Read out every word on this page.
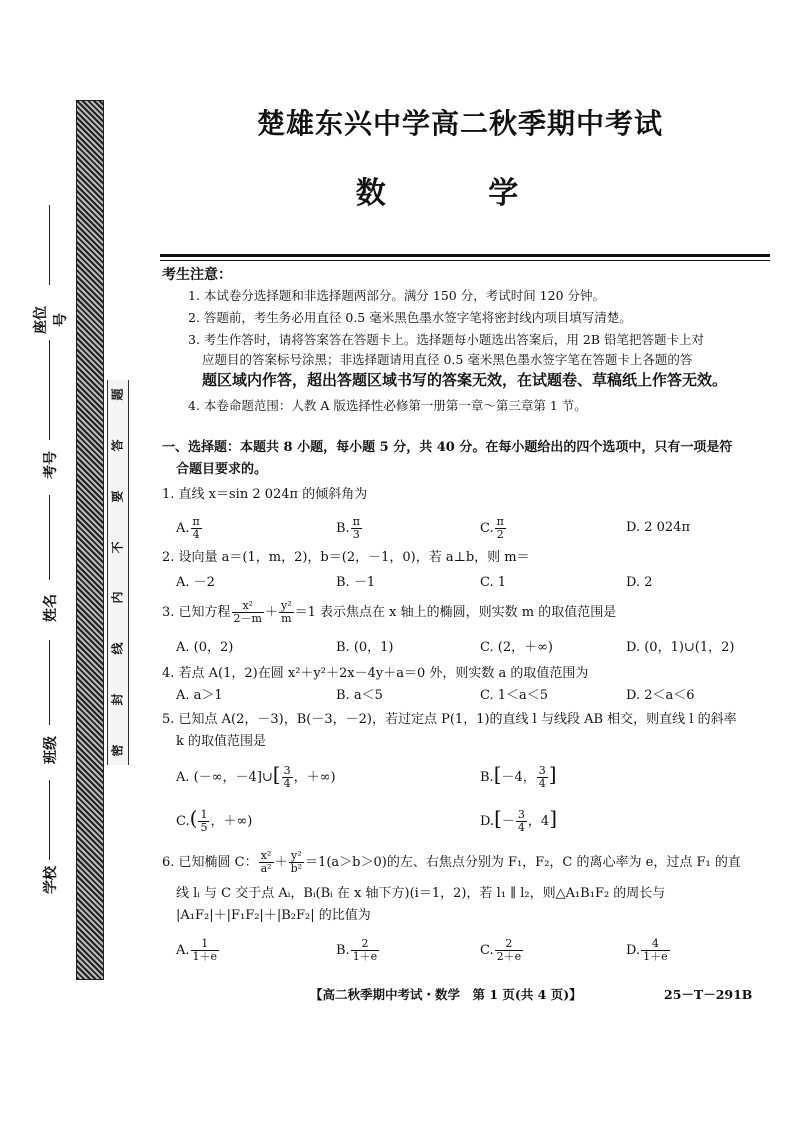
题
答
要
不
内
线
封
密
座位号
考号
姓名
班级
学校
楚雄东兴中学高二秋季期中考试
数 学
考生注意：
1. 本试卷分选择题和非选择题两部分。满分 150 分，考试时间 120 分钟。
2. 答题前，考生务必用直径 0.5 毫米黑色墨水签字笔将密封线内项目填写清楚。
3. 考生作答时，请将答案答在答题卡上。选择题每小题选出答案后，用 2B 铅笔把答题卡上对
应题目的答案标号涂黑；非选择题请用直径 0.5 毫米黑色墨水签字笔在答题卡上各题的答
题区域内作答，超出答题区域书写的答案无效，在试题卷、草稿纸上作答无效。
4. 本卷命题范围：人教 A 版选择性必修第一册第一章～第三章第 1 节。
一、选择题：本题共 8 小题，每小题 5 分，共 40 分。在每小题给出的四个选项中，只有一项是符
合题目要求的。
1. 直线 x＝sin 2 024π 的倾斜角为
A. $\frac{\pi}{4}$	B. $\frac{\pi}{3}$	C. $\frac{\pi}{2}$	D. 2 024π
2. 设向量 a＝(1，m，2)，b＝(2，－1，0)，若 a⊥b，则 m＝
A. －2	B. －1	C. 1	D. 2
3. 已知方程 $\frac{\text{x²}}{2-m} + \frac{\text{y²}}{m} =1$ 表示焦点在 x 轴上的椭圆，则实数 m 的取值范围是
A. (0，2)	B. (0，1)	C. (2，＋∞)	D. (0，1)∪(1，2)
4. 若点 A(1，2)在圆 x²＋y²＋2x－4y＋a＝0 外，则实数 a 的取值范围为
A. a＞1	B. a＜5	C. 1＜a＜5	D. 2＜a＜6
5. 已知点 A(2，－3)，B(－3，－2)，若过定点 P(1，1)的直线 l 与线段 AB 相交，则直线 l 的斜率
k 的取值范围是
A. (－∞，－4]∪[ $\frac{3}{4}$ ，＋∞)	B.[－4， $\frac{3}{4}$ ]
$C.( \frac{1}{5}$ ，＋∞)	$D.[- \frac{3}{4}$ ，4]
6. 已知椭圆 C： $\frac{\text{x²}}{\text{a²}} + \frac{\text{y²}}{\text{b²}} =1(a>b>0)$的左、右焦点分别为 F₁，F₂，C 的离心率为 e，过点 F₁ 的直
线 lᵢ 与 C 交于点 Aᵢ，Bᵢ(Bᵢ 在 x 轴下方)(i＝1，2)，若 l₁ ∥ l₂，则△A₁B₁F₂ 的周长与
|A₁F₂|＋|F₁F₂|＋|B₂F₂| 的比值为
A. $\frac{1}{1+e}$	B. $\frac{2}{1+e}$	C. $\frac{2}{2+e}$	D. $\frac{4}{1+e}$
【高二秋季期中考试・数学　第 1 页(共 4 页)】	25－T－291B
